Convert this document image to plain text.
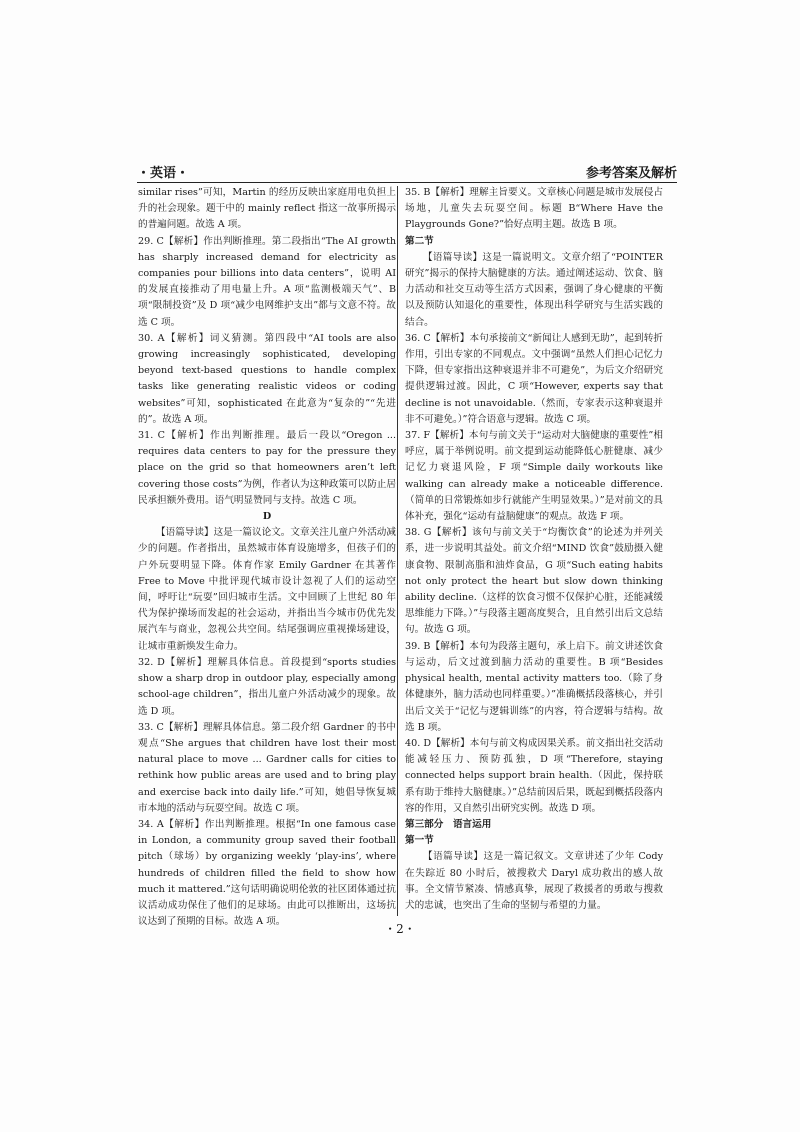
・英语・	参考答案及解析

similar rises”可知，Martin 的经历反映出家庭用电负担上升的社会现象。题干中的 mainly reflect 指这一故事所揭示的普遍问题。故选 A 项。

29. C【解析】作出判断推理。第二段指出“The AI growth has sharply increased demand for electricity as companies pour billions into data centers”，说明 AI 的发展直接推动了用电量上升。A 项“监测极端天气”、B 项“限制投资”及 D 项“减少电网维护支出”都与文意不符。故选 C 项。

30. A【解析】词义猜测。第四段中“AI tools are also growing increasingly sophisticated, developing beyond text-based questions to handle complex tasks like generating realistic videos or coding websites”可知，sophisticated 在此意为“复杂的”“先进的”。故选 A 项。

31. C【解析】作出判断推理。最后一段以“Oregon ... requires data centers to pay for the pressure they place on the grid so that homeowners aren’t left covering those costs”为例，作者认为这种政策可以防止居民承担额外费用。语气明显赞同与支持。故选 C 项。

D

【语篇导读】这是一篇议论文。文章关注儿童户外活动减少的问题。作者指出，虽然城市体育设施增多，但孩子们的户外玩耍明显下降。体育作家 Emily Gardner 在其著作 Free to Move 中批评现代城市设计忽视了人们的运动空间，呼吁让“玩耍”回归城市生活。文中回顾了上世纪 80 年代为保护操场而发起的社会运动，并指出当今城市仍优先发展汽车与商业，忽视公共空间。结尾强调应重视操场建设，让城市重新焕发生命力。

32. D【解析】理解具体信息。首段提到“sports studies show a sharp drop in outdoor play, especially among school-age children”，指出儿童户外活动减少的现象。故选 D 项。

33. C【解析】理解具体信息。第二段介绍 Gardner 的书中观点“She argues that children have lost their most natural place to move ... Gardner calls for cities to rethink how public areas are used and to bring play and exercise back into daily life.”可知，她倡导恢复城市本地的活动与玩耍空间。故选 C 项。

34. A【解析】作出判断推理。根据“In one famous case in London, a community group saved their football pitch（球场）by organizing weekly ‘play-ins’, where hundreds of children filled the field to show how much it mattered.”这句话明确说明伦敦的社区团体通过抗议活动成功保住了他们的足球场。由此可以推断出，这场抗议达到了预期的目标。故选 A 项。

35. B【解析】理解主旨要义。文章核心问题是城市发展侵占场地，儿童失去玩耍空间。标题 B“Where Have the Playgrounds Gone?”恰好点明主题。故选 B 项。

第二节

【语篇导读】这是一篇说明文。文章介绍了“POINTER 研究”揭示的保持大脑健康的方法。通过阐述运动、饮食、脑力活动和社交互动等生活方式因素，强调了身心健康的平衡以及预防认知退化的重要性，体现出科学研究与生活实践的结合。

36. C【解析】本句承接前文“新闻让人感到无助”，起到转折作用，引出专家的不同观点。文中强调“虽然人们担心记忆力下降，但专家指出这种衰退并非不可避免”，为后文介绍研究提供逻辑过渡。因此，C 项“However, experts say that decline is not unavoidable.（然而，专家表示这种衰退并非不可避免。）”符合语意与逻辑。故选 C 项。

37. F【解析】本句与前文关于“运动对大脑健康的重要性”相呼应，属于举例说明。前文提到运动能降低心脏健康、减少记忆力衰退风险，F 项“Simple daily workouts like walking can already make a noticeable difference.（简单的日常锻炼如步行就能产生明显效果。）”是对前文的具体补充，强化“运动有益脑健康”的观点。故选 F 项。

38. G【解析】该句与前文关于“均衡饮食”的论述为并列关系，进一步说明其益处。前文介绍“MIND 饮食”鼓励摄入健康食物、限制高脂和油炸食品，G 项“Such eating habits not only protect the heart but slow down thinking ability decline.（这样的饮食习惯不仅保护心脏，还能减缓思维能力下降。）”与段落主题高度契合，且自然引出后文总结句。故选 G 项。

39. B【解析】本句为段落主题句，承上启下。前文讲述饮食与运动，后文过渡到脑力活动的重要性。B 项“Besides physical health, mental activity matters too.（除了身体健康外，脑力活动也同样重要。）”准确概括段落核心，并引出后文关于“记忆与逻辑训练”的内容，符合逻辑与结构。故选 B 项。

40. D【解析】本句与前文构成因果关系。前文指出社交活动能减轻压力、预防孤独，D 项“Therefore, staying connected helps support brain health.（因此，保持联系有助于维持大脑健康。）”总结前因后果，既起到概括段落内容的作用，又自然引出研究实例。故选 D 项。

第三部分　语言运用

第一节

【语篇导读】这是一篇记叙文。文章讲述了少年 Cody 在失踪近 80 小时后，被搜救犬 Daryl 成功救出的感人故事。全文情节紧凑、情感真挚，展现了救援者的勇敢与搜救犬的忠诚，也突出了生命的坚韧与希望的力量。

・2・
